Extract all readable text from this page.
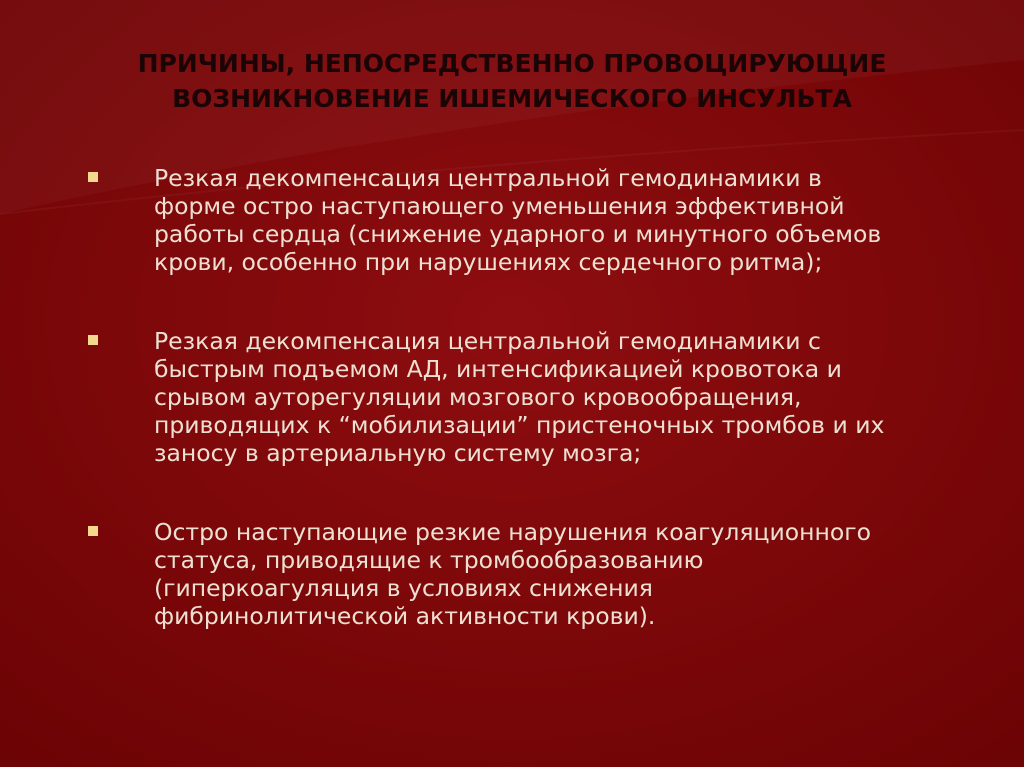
ПРИЧИНЫ, НЕПОСРЕДСТВЕННО ПРОВОЦИРУЮЩИЕ
ВОЗНИКНОВЕНИЕ ИШЕМИЧЕСКОГО ИНСУЛЬТА
Резкая декомпенсация центральной гемодинамики в
форме остро наступающего уменьшения эффективной
работы сердца (снижение ударного и минутного объемов
крови, особенно при нарушениях сердечного ритма);
Резкая декомпенсация центральной гемодинамики с
быстрым подъемом АД, интенсификацией кровотока и
срывом ауторегуляции мозгового кровообращения,
приводящих к “мобилизации” пристеночных тромбов и их
заносу в артериальную систему мозга;
Остро наступающие резкие нарушения коагуляционного
статуса, приводящие к тромбообразованию
(гиперкоагуляция в условиях снижения
фибринолитической активности крови).
